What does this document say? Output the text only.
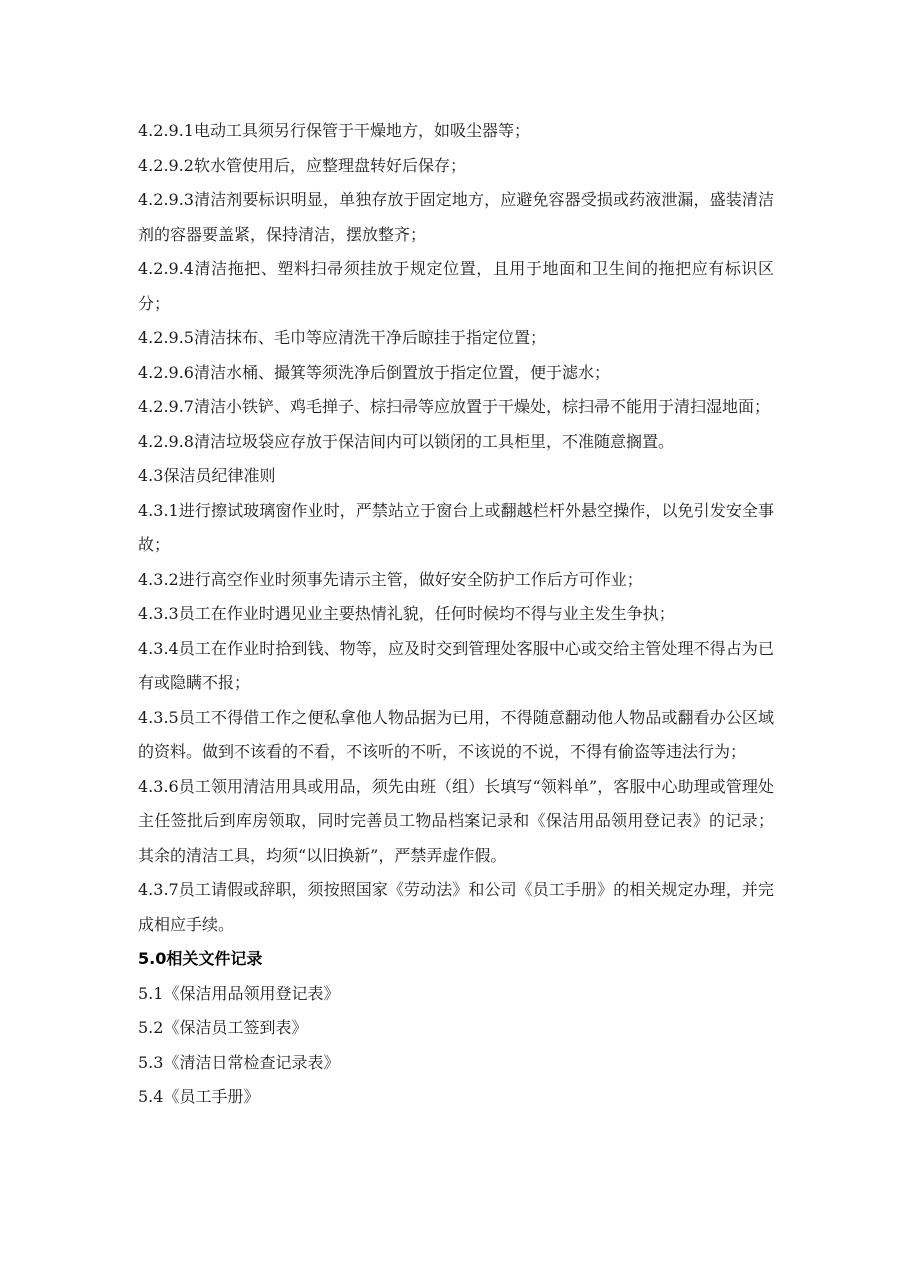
4.2.9.1电动工具须另行保管于干燥地方，如吸尘器等；

4.2.9.2软水管使用后，应整理盘转好后保存；

4.2.9.3清洁剂要标识明显，单独存放于固定地方，应避免容器受损或药液泄漏，盛装清洁剂的容器要盖紧，保持清洁，摆放整齐；

4.2.9.4清洁拖把、塑料扫帚须挂放于规定位置，且用于地面和卫生间的拖把应有标识区分；

4.2.9.5清洁抹布、毛巾等应清洗干净后晾挂于指定位置；

4.2.9.6清洁水桶、撮箕等须洗净后倒置放于指定位置，便于滤水；

4.2.9.7清洁小铁铲、鸡毛掸子、棕扫帚等应放置于干燥处，棕扫帚不能用于清扫湿地面；

4.2.9.8清洁垃圾袋应存放于保洁间内可以锁闭的工具柜里，不准随意搁置。

4.3保洁员纪律准则

4.3.1进行擦试玻璃窗作业时，严禁站立于窗台上或翻越栏杆外悬空操作，以免引发安全事故；

4.3.2进行高空作业时须事先请示主管，做好安全防护工作后方可作业；

4.3.3员工在作业时遇见业主要热情礼貌，任何时候均不得与业主发生争执；

4.3.4员工在作业时拾到钱、物等，应及时交到管理处客服中心或交给主管处理不得占为已有或隐瞒不报；

4.3.5员工不得借工作之便私拿他人物品据为已用，不得随意翻动他人物品或翻看办公区域的资料。做到不该看的不看，不该听的不听，不该说的不说，不得有偷盗等违法行为；

4.3.6员工领用清洁用具或用品，须先由班（组）长填写“领料单”，客服中心助理或管理处主任签批后到库房领取，同时完善员工物品档案记录和《保洁用品领用登记表》的记录；其余的清洁工具，均须“以旧换新”，严禁弄虚作假。

4.3.7员工请假或辞职，须按照国家《劳动法》和公司《员工手册》的相关规定办理，并完成相应手续。

5.0相关文件记录

5.1《保洁用品领用登记表》

5.2《保洁员工签到表》

5.3《清洁日常检查记录表》

5.4《员工手册》
